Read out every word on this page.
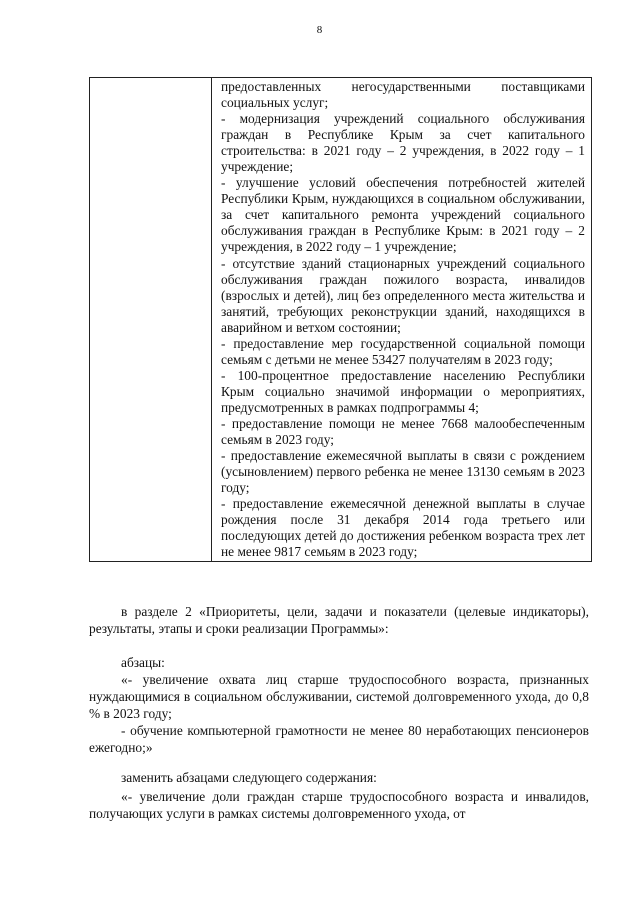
8

предоставленных негосударственными поставщиками социальных услуг;

- модернизация учреждений социального обслуживания граждан в Республике Крым за счет капитального строительства: в 2021 году – 2 учреждения, в 2022 году – 1 учреждение;

- улучшение условий обеспечения потребностей жителей Республики Крым, нуждающихся в социальном обслуживании, за счет капитального ремонта учреждений социального обслуживания граждан в Республике Крым: в 2021 году – 2 учреждения, в 2022 году – 1 учреждение;

- отсутствие зданий стационарных учреждений социального обслуживания граждан пожилого возраста, инвалидов (взрослых и детей), лиц без определенного места жительства и занятий, требующих реконструкции зданий, находящихся в аварийном и ветхом состоянии;

- предоставление мер государственной социальной помощи семьям с детьми не менее 53427 получателям в 2023 году;

- 100-процентное предоставление населению Республики Крым социально значимой информации о мероприятиях, предусмотренных в рамках подпрограммы 4;

- предоставление помощи не менее 7668 малообеспеченным семьям в 2023 году;

- предоставление ежемесячной выплаты в связи с рождением (усыновлением) первого ребенка не менее 13130 семьям в 2023 году;

- предоставление ежемесячной денежной выплаты в случае рождения после 31 декабря 2014 года третьего или последующих детей до достижения ребенком возраста трех лет не менее 9817 семьям в 2023 году;

в разделе 2 «Приоритеты, цели, задачи и показатели (целевые индикаторы), результаты, этапы и сроки реализации Программы»:

абзацы:

«- увеличение охвата лиц старше трудоспособного возраста, признанных нуждающимися в социальном обслуживании, системой долговременного ухода, до 0,8 % в 2023 году;

- обучение компьютерной грамотности не менее 80 неработающих пенсионеров ежегодно;»

заменить абзацами следующего содержания:

«- увеличение доли граждан старше трудоспособного возраста и инвалидов, получающих услуги в рамках системы долговременного ухода, от
